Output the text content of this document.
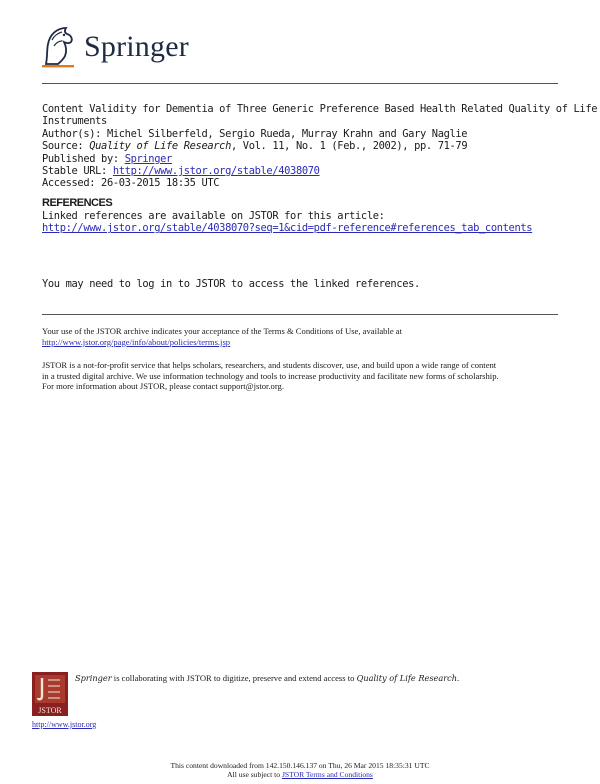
Springer
Content Validity for Dementia of Three Generic Preference Based Health Related Quality of Life
Instruments
Author(s): Michel Silberfeld, Sergio Rueda, Murray Krahn and Gary Naglie
Source: Quality of Life Research, Vol. 11, No. 1 (Feb., 2002), pp. 71-79
Published by: Springer
Stable URL: http://www.jstor.org/stable/4038070
Accessed: 26-03-2015 18:35 UTC
REFERENCES
Linked references are available on JSTOR for this article:
http://www.jstor.org/stable/4038070?seq=1&cid=pdf-reference#references_tab_contents
You may need to log in to JSTOR to access the linked references.
Your use of the JSTOR archive indicates your acceptance of the Terms & Conditions of Use, available at
http://www.jstor.org/page/info/about/policies/terms.jsp
JSTOR is a not-for-profit service that helps scholars, researchers, and students discover, use, and build upon a wide range of content
in a trusted digital archive. We use information technology and tools to increase productivity and facilitate new forms of scholarship.
For more information about JSTOR, please contact support@jstor.org.
JSTOR
http://www.jstor.org
Springer is collaborating with JSTOR to digitize, preserve and extend access to Quality of Life Research.
This content downloaded from 142.150.146.137 on Thu, 26 Mar 2015 18:35:31 UTC
All use subject to JSTOR Terms and Conditions
